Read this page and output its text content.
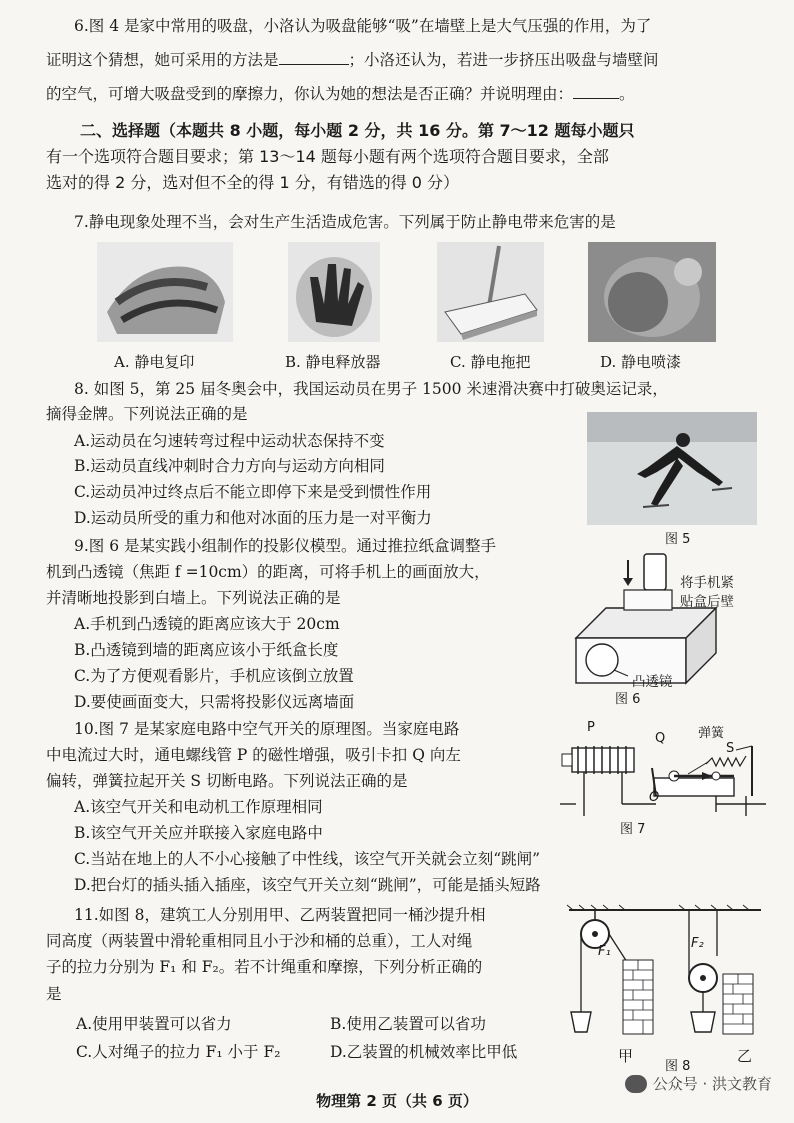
6.图 4 是家中常用的吸盘，小洛认为吸盘能够“吸”在墙壁上是大气压强的作用，为了
证明这个猜想，她可采用的方法是	；小洛还认为，若进一步挤压出吸盘与墙壁间
的空气，可增大吸盘受到的摩擦力，你认为她的想法是否正确？并说明理由：	。
二、选择题（本题共 8 小题，每小题 2 分，共 16 分。第 7～12 题每小题只
有一个选项符合题目要求；第 13～14 题每小题有两个选项符合题目要求，全部
选对的得 2 分，选对但不全的得 1 分，有错选的得 0 分）
7.静电现象处理不当，会对生产生活造成危害。下列属于防止静电带来危害的是
A. 静电复印	B. 静电释放器	C. 静电拖把	D. 静电喷漆
8. 如图 5，第 25 届冬奥会中，我国运动员在男子 1500 米速滑决赛中打破奥运记录，
摘得金牌。下列说法正确的是
A.运动员在匀速转弯过程中运动状态保持不变
B.运动员直线冲刺时合力方向与运动方向相同
C.运动员冲过终点后不能立即停下来是受到惯性作用
D.运动员所受的重力和他对冰面的压力是一对平衡力
图 5
9.图 6 是某实践小组制作的投影仪模型。通过推拉纸盒调整手
机到凸透镜（焦距 f =10cm）的距离，可将手机上的画面放大，
并清晰地投影到白墙上。下列说法正确的是
A.手机到凸透镜的距离应该大于 20cm
B.凸透镜到墙的距离应该小于纸盒长度
C.为了方便观看影片，手机应该倒立放置
D.要使画面变大，只需将投影仪远离墙面
将手机紧
贴盒后壁
凸透镜
图 6
10.图 7 是某家庭电路中空气开关的原理图。当家庭电路
中电流过大时，通电螺线管 P 的磁性增强，吸引卡扣 Q 向左
偏转，弹簧拉起开关 S 切断电路。下列说法正确的是
A.该空气开关和电动机工作原理相同
B.该空气开关应并联接入家庭电路中
C.当站在地上的人不小心接触了中性线，该空气开关就会立刻“跳闸”
D.把台灯的插头插入插座，该空气开关立刻“跳闸”，可能是插头短路
P
Q	弹簧
S
O
图 7
11.如图 8，建筑工人分别用甲、乙两装置把同一桶沙提升相
同高度（两装置中滑轮重相同且小于沙和桶的总重），工人对绳
子的拉力分别为 F₁ 和 F₂。若不计绳重和摩擦，下列分析正确的
是
A.使用甲装置可以省力	B.使用乙装置可以省功
C.人对绳子的拉力 F₁ 小于 F₂	D.乙装置的机械效率比甲低
F₁
F₂
甲	乙
图 8
物理第 2 页（共 6 页）
公众号 · 洪文教育
